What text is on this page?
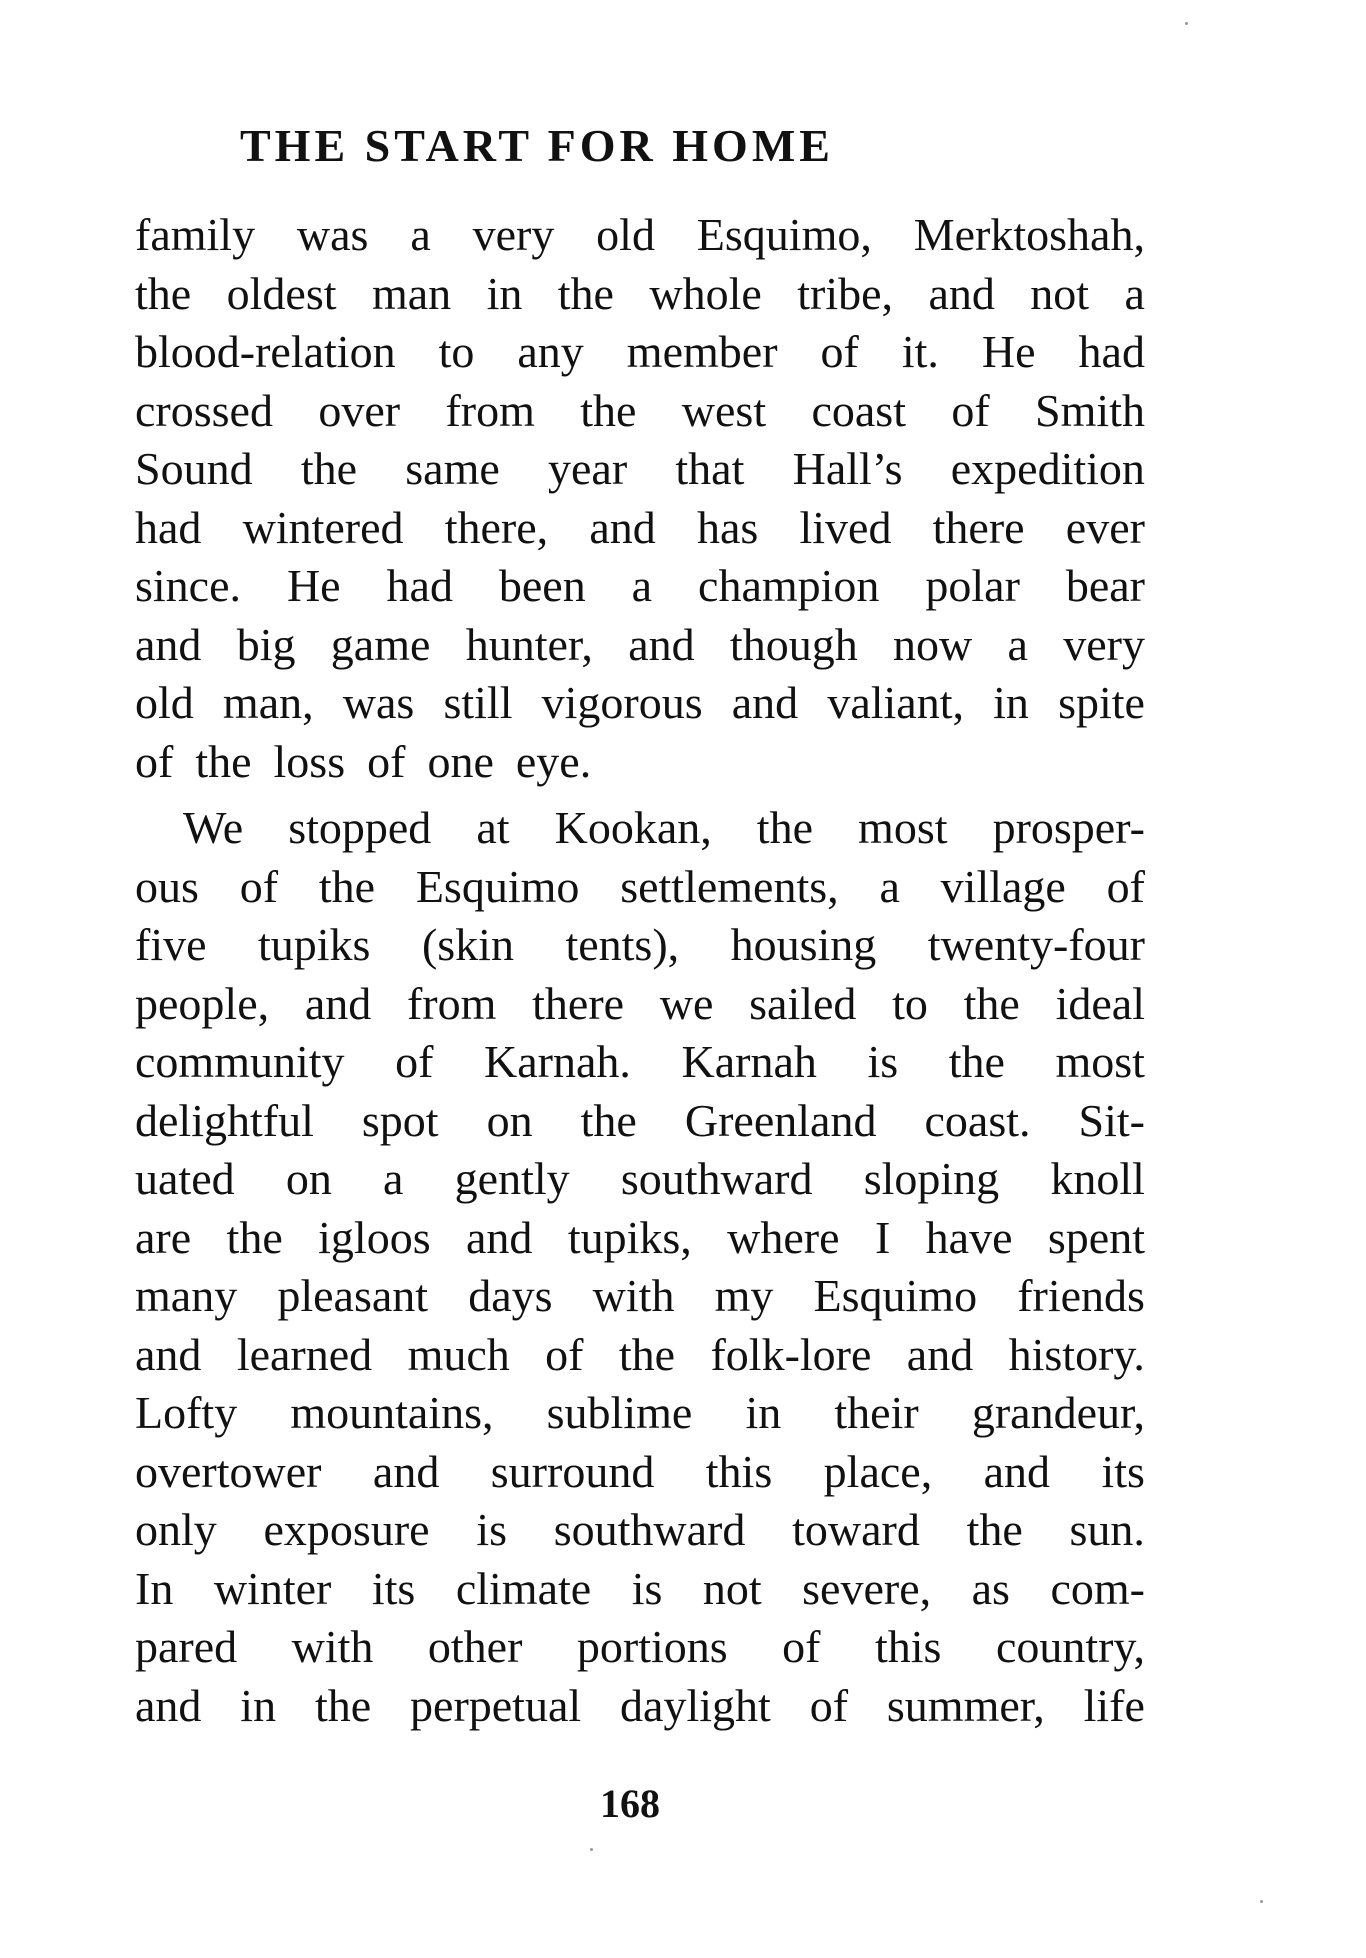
THE START FOR HOME
family was a very old Esquimo, Merktoshah,
the oldest man in the whole tribe, and not a
blood-relation to any member of it. He had
crossed over from the west coast of Smith
Sound the same year that Hall’s expedition
had wintered there, and has lived there ever
since. He had been a champion polar bear
and big game hunter, and though now a very
old man, was still vigorous and valiant, in spite
of the loss of one eye.
We stopped at Kookan, the most prosper-
ous of the Esquimo settlements, a village of
five tupiks (skin tents), housing twenty-four
people, and from there we sailed to the ideal
community of Karnah. Karnah is the most
delightful spot on the Greenland coast. Sit-
uated on a gently southward sloping knoll
are the igloos and tupiks, where I have spent
many pleasant days with my Esquimo friends
and learned much of the folk-lore and history.
Lofty mountains, sublime in their grandeur,
overtower and surround this place, and its
only exposure is southward toward the sun.
In winter its climate is not severe, as com-
pared with other portions of this country,
and in the perpetual daylight of summer, life
168
